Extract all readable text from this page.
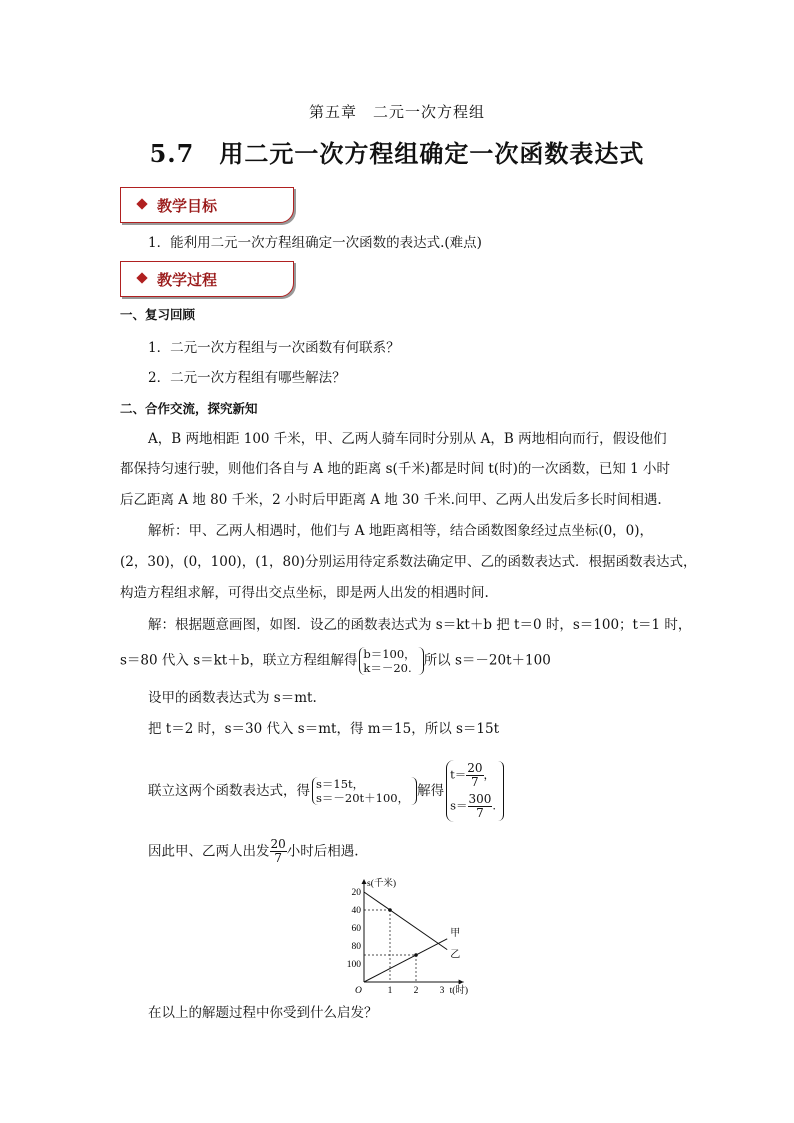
第五章　二元一次方程组
5.7　用二元一次方程组确定一次函数表达式
教学目标
1．能利用二元一次方程组确定一次函数的表达式.(难点)
教学过程
一、复习回顾
1．二元一次方程组与一次函数有何联系？
2．二元一次方程组有哪些解法？
二、合作交流，探究新知
A，B 两地相距 100 千米，甲、乙两人骑车同时分别从 A，B 两地相向而行，假设他们
都保持匀速行驶，则他们各自与 A 地的距离 s(千米)都是时间 t(时)的一次函数，已知 1 小时
后乙距离 A 地 80 千米，2 小时后甲距离 A 地 30 千米.问甲、乙两人出发后多长时间相遇.
解析：甲、乙两人相遇时，他们与 A 地距离相等，结合函数图象经过点坐标(0，0)，
(2，30)，(0，100)，(1，80)分别运用待定系数法确定甲、乙的函数表达式．根据函数表达式，
构造方程组求解，可得出交点坐标，即是两人出发的相遇时间.
解：根据题意画图，如图．设乙的函数表达式为 s＝kt＋b 把 t＝0 时，s＝100；t＝1 时，
s＝80 代入 s＝kt＋b，联立方程组解得 b＝100，
k＝－20. 所以 s＝－20t＋100
设甲的函数表达式为 s＝mt.
把 t＝2 时，s＝30 代入 s＝mt，得 m＝15，所以 s＝15t
联立这两个函数表达式，得 s＝15t，
s＝－20t＋100， 解得
$t= \frac{20}{7}$ ，
$s= \frac{300}{7}$ .
因此甲、乙两人出发 $\frac{20}{7}$ 小时后相遇.
s(千米)
t(时)
O
100
80
60
40
20
1 2 3
甲
乙
在以上的解题过程中你受到什么启发？
